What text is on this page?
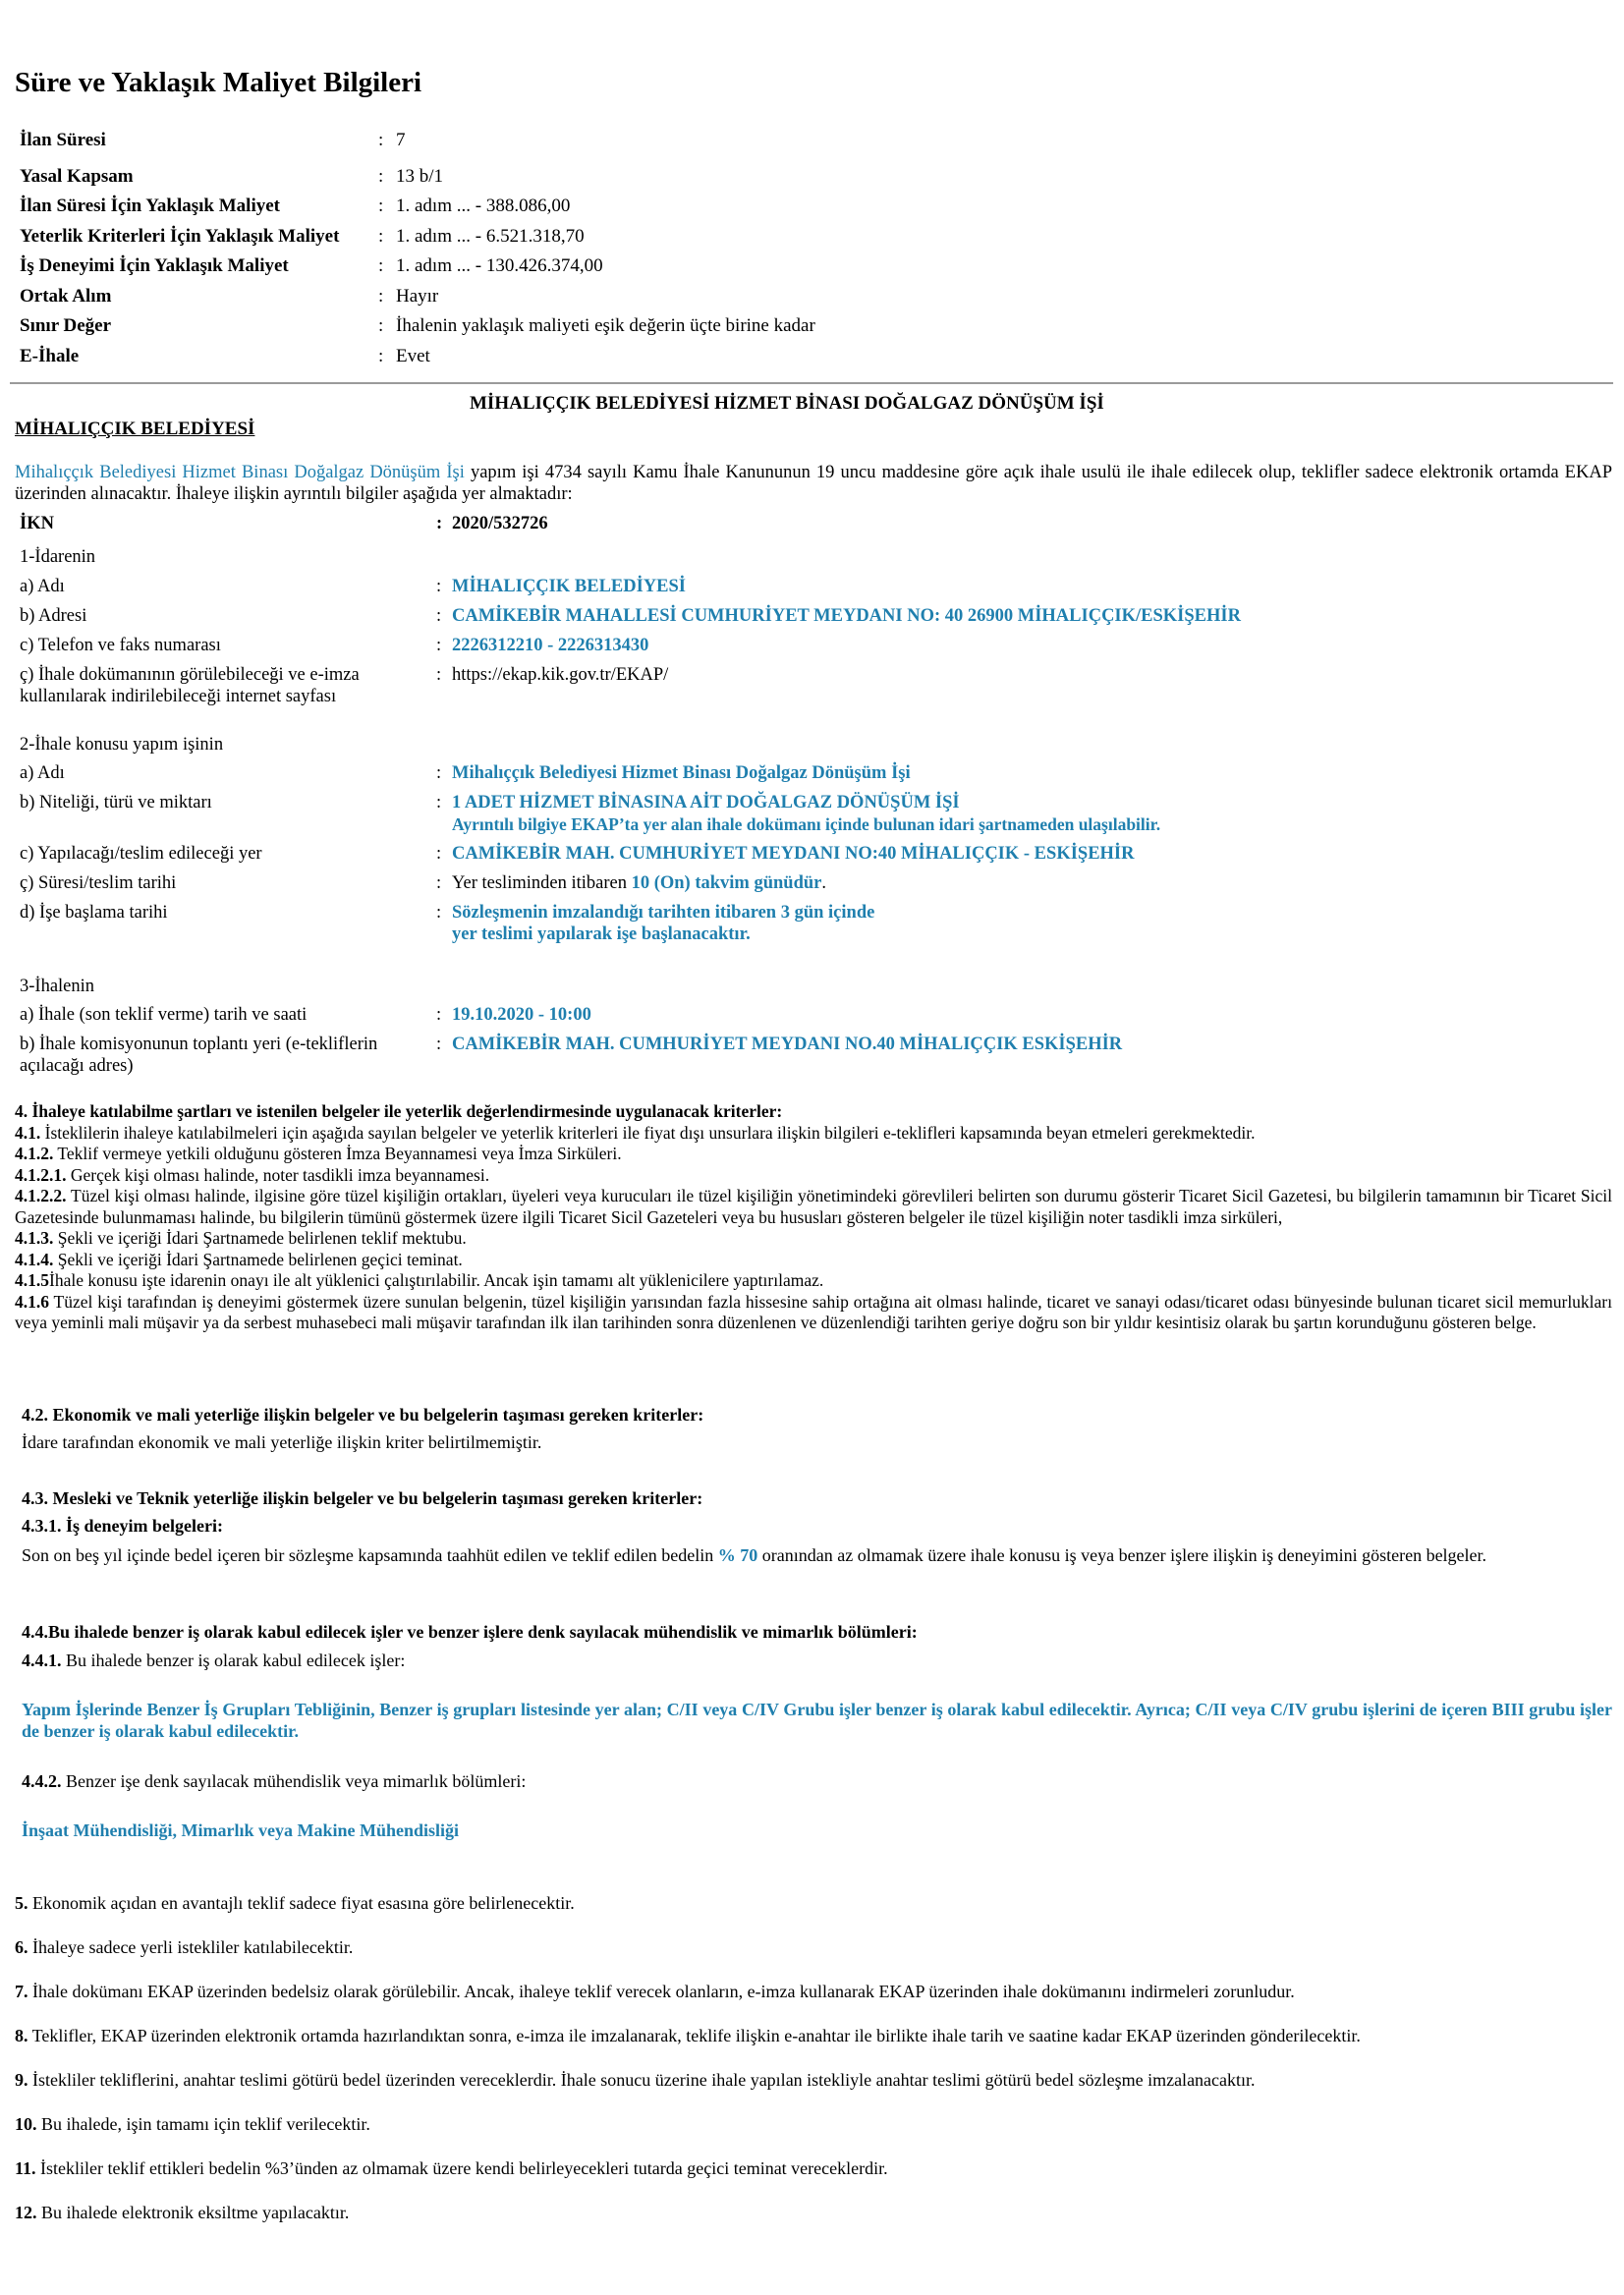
Süre ve Yaklaşık Maliyet Bilgileri
İlan Süresi	: 7
Yasal Kapsam	: 13 b/1
İlan Süresi İçin Yaklaşık Maliyet	: 1. adım ... - 388.086,00
Yeterlik Kriterleri İçin Yaklaşık Maliyet	: 1. adım ... - 6.521.318,70
İş Deneyimi İçin Yaklaşık Maliyet	: 1. adım ... - 130.426.374,00
Ortak Alım	: Hayır
Sınır Değer	: İhalenin yaklaşık maliyeti eşik değerin üçte birine kadar
E-İhale	: Evet
MİHALIÇÇIK BELEDİYESİ HİZMET BİNASI DOĞALGAZ DÖNÜŞÜM İŞİ
MİHALIÇÇIK BELEDİYESİ
Mihalıççık Belediyesi Hizmet Binası Doğalgaz Dönüşüm İşi yapım işi 4734 sayılı Kamu İhale Kanununun 19 uncu maddesine göre açık ihale usulü ile ihale edilecek olup, teklifler sadece elektronik ortamda EKAP üzerinden alınacaktır. İhaleye ilişkin ayrıntılı bilgiler aşağıda yer almaktadır:
İKN	: 2020/532726
1-İdarenin
a) Adı	: MİHALIÇÇIK BELEDİYESİ
b) Adresi	: CAMİKEBİR MAHALLESİ CUMHURİYET MEYDANI NO: 40 26900 MİHALIÇÇIK/ESKİŞEHİR
c) Telefon ve faks numarası	: 2226312210 - 2226313430
ç) İhale dokümanının görülebileceği ve e-imza
kullanılarak indirilebileceği internet sayfası
: https://ekap.kik.gov.tr/EKAP/
2-İhale konusu yapım işinin
a) Adı	: Mihalıççık Belediyesi Hizmet Binası Doğalgaz Dönüşüm İşi
b) Niteliği, türü ve miktarı	: 1 ADET HİZMET BİNASINA AİT DOĞALGAZ DÖNÜŞÜM İŞİ
Ayrıntılı bilgiye EKAP’ta yer alan ihale dokümanı içinde bulunan idari şartnameden ulaşılabilir.
c) Yapılacağı/teslim edileceği yer	: CAMİKEBİR MAH. CUMHURİYET MEYDANI NO:40 MİHALIÇÇIK - ESKİŞEHİR
ç) Süresi/teslim tarihi	: Yer tesliminden itibaren 10 (On) takvim günüdür.
d) İşe başlama tarihi	: Sözleşmenin imzalandığı tarihten itibaren 3 gün içinde
yer teslimi yapılarak işe başlanacaktır.
3-İhalenin
a) İhale (son teklif verme) tarih ve saati	: 19.10.2020 - 10:00
b) İhale komisyonunun toplantı yeri (e-tekliflerin
açılacağı adres)
: CAMİKEBİR MAH. CUMHURİYET MEYDANI NO.40 MİHALIÇÇIK ESKİŞEHİR

4. İhaleye katılabilme şartları ve istenilen belgeler ile yeterlik değerlendirmesinde uygulanacak kriterler:

4.1. İsteklilerin ihaleye katılabilmeleri için aşağıda sayılan belgeler ve yeterlik kriterleri ile fiyat dışı unsurlara ilişkin bilgileri e-teklifleri kapsamında beyan etmeleri gerekmektedir.

4.1.2. Teklif vermeye yetkili olduğunu gösteren İmza Beyannamesi veya İmza Sirküleri.

4.1.2.1. Gerçek kişi olması halinde, noter tasdikli imza beyannamesi.

4.1.2.2. Tüzel kişi olması halinde, ilgisine göre tüzel kişiliğin ortakları, üyeleri veya kurucuları ile tüzel kişiliğin yönetimindeki görevlileri belirten son durumu gösterir Ticaret Sicil Gazetesi, bu bilgilerin tamamının bir Ticaret Sicil Gazetesinde bulunmaması halinde, bu bilgilerin tümünü göstermek üzere ilgili Ticaret Sicil Gazeteleri veya bu hususları gösteren belgeler ile tüzel kişiliğin noter tasdikli imza sirküleri,

4.1.3. Şekli ve içeriği İdari Şartnamede belirlenen teklif mektubu.

4.1.4. Şekli ve içeriği İdari Şartnamede belirlenen geçici teminat.

4.1.5İhale konusu işte idarenin onayı ile alt yüklenici çalıştırılabilir. Ancak işin tamamı alt yüklenicilere yaptırılamaz.

4.1.6 Tüzel kişi tarafından iş deneyimi göstermek üzere sunulan belgenin, tüzel kişiliğin yarısından fazla hissesine sahip ortağına ait olması halinde, ticaret ve sanayi odası/ticaret odası bünyesinde bulunan ticaret sicil memurlukları veya yeminli mali müşavir ya da serbest muhasebeci mali müşavir tarafından ilk ilan tarihinden sonra düzenlenen ve düzenlendiği tarihten geriye doğru son bir yıldır kesintisiz olarak bu şartın korunduğunu gösteren belge.

4.2. Ekonomik ve mali yeterliğe ilişkin belgeler ve bu belgelerin taşıması gereken kriterler:
İdare tarafından ekonomik ve mali yeterliğe ilişkin kriter belirtilmemiştir.
4.3. Mesleki ve Teknik yeterliğe ilişkin belgeler ve bu belgelerin taşıması gereken kriterler:
4.3.1. İş deneyim belgeleri:
Son on beş yıl içinde bedel içeren bir sözleşme kapsamında taahhüt edilen ve teklif edilen bedelin % 70 oranından az olmamak üzere ihale konusu iş veya benzer işlere ilişkin iş deneyimini gösteren belgeler.
4.4.Bu ihalede benzer iş olarak kabul edilecek işler ve benzer işlere denk sayılacak mühendislik ve mimarlık bölümleri:
4.4.1. Bu ihalede benzer iş olarak kabul edilecek işler:
Yapım İşlerinde Benzer İş Grupları Tebliğinin, Benzer iş grupları listesinde yer alan; C/II veya C/IV Grubu işler benzer iş olarak kabul edilecektir. Ayrıca; C/II veya C/IV grubu işlerini de içeren BIII grubu işler de benzer iş olarak kabul edilecektir.
4.4.2. Benzer işe denk sayılacak mühendislik veya mimarlık bölümleri:
İnşaat Mühendisliği, Mimarlık veya Makine Mühendisliği
5. Ekonomik açıdan en avantajlı teklif sadece fiyat esasına göre belirlenecektir.
6. İhaleye sadece yerli istekliler katılabilecektir.
7. İhale dokümanı EKAP üzerinden bedelsiz olarak görülebilir. Ancak, ihaleye teklif verecek olanların, e-imza kullanarak EKAP üzerinden ihale dokümanını indirmeleri zorunludur.
8. Teklifler, EKAP üzerinden elektronik ortamda hazırlandıktan sonra, e-imza ile imzalanarak, teklife ilişkin e-anahtar ile birlikte ihale tarih ve saatine kadar EKAP üzerinden gönderilecektir.
9. İstekliler tekliflerini, anahtar teslimi götürü bedel üzerinden vereceklerdir. İhale sonucu üzerine ihale yapılan istekliyle anahtar teslimi götürü bedel sözleşme imzalanacaktır.
10. Bu ihalede, işin tamamı için teklif verilecektir.
11. İstekliler teklif ettikleri bedelin %3’ünden az olmamak üzere kendi belirleyecekleri tutarda geçici teminat vereceklerdir.
12. Bu ihalede elektronik eksiltme yapılacaktır.
